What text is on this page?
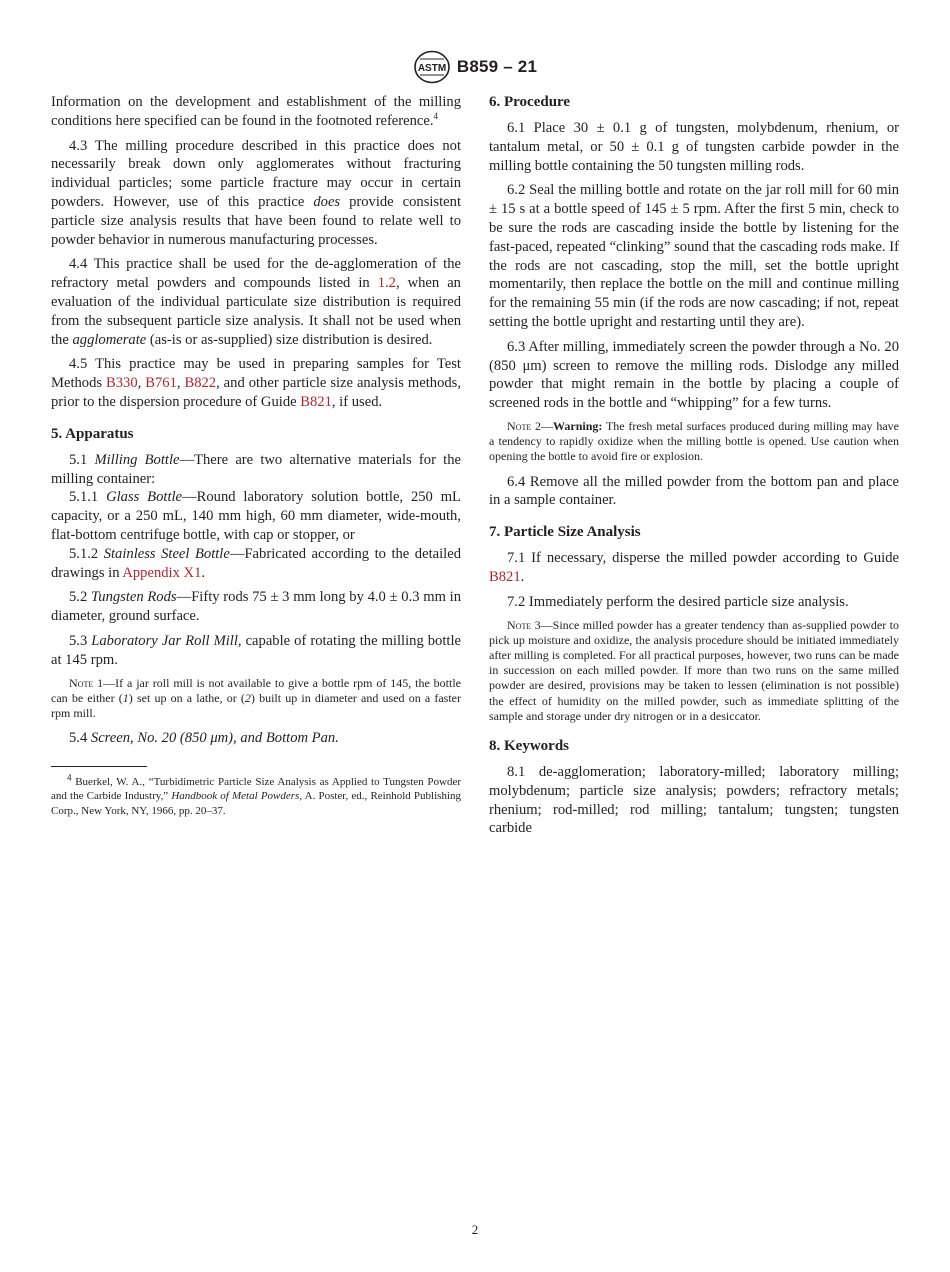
ASTM B859 – 21

Information on the development and establishment of the milling conditions here specified can be found in the footnoted reference.$^4$

4.3 The milling procedure described in this practice does not necessarily break down only agglomerates without fracturing individual particles; some particle fracture may occur in certain powders. However, use of this practice does provide consistent particle size analysis results that have been found to relate well to powder behavior in numerous manufacturing processes.

4.4 This practice shall be used for the de-agglomeration of the refractory metal powders and compounds listed in 1.2, when an evaluation of the individual particulate size distribution is required from the subsequent particle size analysis. It shall not be used when the agglomerate (as-is or as-supplied) size distribution is desired.

4.5 This practice may be used in preparing samples for Test Methods B330, B761, B822, and other particle size analysis methods, prior to the dispersion procedure of Guide B821, if used.

5. Apparatus

5.1 Milling Bottle—There are two alternative materials for the milling container:

5.1.1 Glass Bottle—Round laboratory solution bottle, 250 mL capacity, or a 250 mL, 140 mm high, 60 mm diameter, wide-mouth, flat-bottom centrifuge bottle, with cap or stopper, or

5.1.2 Stainless Steel Bottle—Fabricated according to the detailed drawings in Appendix X1.

5.2 Tungsten Rods—Fifty rods 75 ± 3 mm long by 4.0 ± 0.3 mm in diameter, ground surface.

5.3 Laboratory Jar Roll Mill, capable of rotating the milling bottle at 145 rpm.

Note 1—If a jar roll mill is not available to give a bottle rpm of 145, the bottle can be either (1) set up on a lathe, or (2) built up in diameter and used on a faster rpm mill.

5.4 Screen, No. 20 (850 μm), and Bottom Pan.

$^4$ Buerkel, W. A., “Turbidimetric Particle Size Analysis as Applied to Tungsten Powder and the Carbide Industry,” Handbook of Metal Powders, A. Poster, ed., Reinhold Publishing Corp., New York, NY, 1966, pp. 20–37.

6. Procedure

6.1 Place 30 ± 0.1 g of tungsten, molybdenum, rhenium, or tantalum metal, or 50 ± 0.1 g of tungsten carbide powder in the milling bottle containing the 50 tungsten milling rods.

6.2 Seal the milling bottle and rotate on the jar roll mill for 60 min ± 15 s at a bottle speed of 145 ± 5 rpm. After the first 5 min, check to be sure the rods are cascading inside the bottle by listening for the fast-paced, repeated “clinking” sound that the cascading rods make. If the rods are not cascading, stop the mill, set the bottle upright momentarily, then replace the bottle on the mill and continue milling for the remaining 55 min (if the rods are now cascading; if not, repeat setting the bottle upright and restarting until they are).

6.3 After milling, immediately screen the powder through a No. 20 (850 μm) screen to remove the milling rods. Dislodge any milled powder that might remain in the bottle by placing a couple of screened rods in the bottle and “whipping” for a few turns.

Note 2—Warning: The fresh metal surfaces produced during milling may have a tendency to rapidly oxidize when the milling bottle is opened. Use caution when opening the bottle to avoid fire or explosion.

6.4 Remove all the milled powder from the bottom pan and place in a sample container.

7. Particle Size Analysis

7.1 If necessary, disperse the milled powder according to Guide B821.

7.2 Immediately perform the desired particle size analysis.

Note 3—Since milled powder has a greater tendency than as-supplied powder to pick up moisture and oxidize, the analysis procedure should be initiated immediately after milling is completed. For all practical purposes, however, two runs can be made in succession on each milled powder. If more than two runs on the same milled powder are desired, provisions may be taken to lessen (elimination is not possible) the effect of humidity on the milled powder, such as immediate splitting of the sample and storage under dry nitrogen or in a desiccator.

8. Keywords

8.1 de-agglomeration; laboratory-milled; laboratory milling; molybdenum; particle size analysis; powders; refractory metals; rhenium; rod-milled; rod milling; tantalum; tungsten; tungsten carbide

2
